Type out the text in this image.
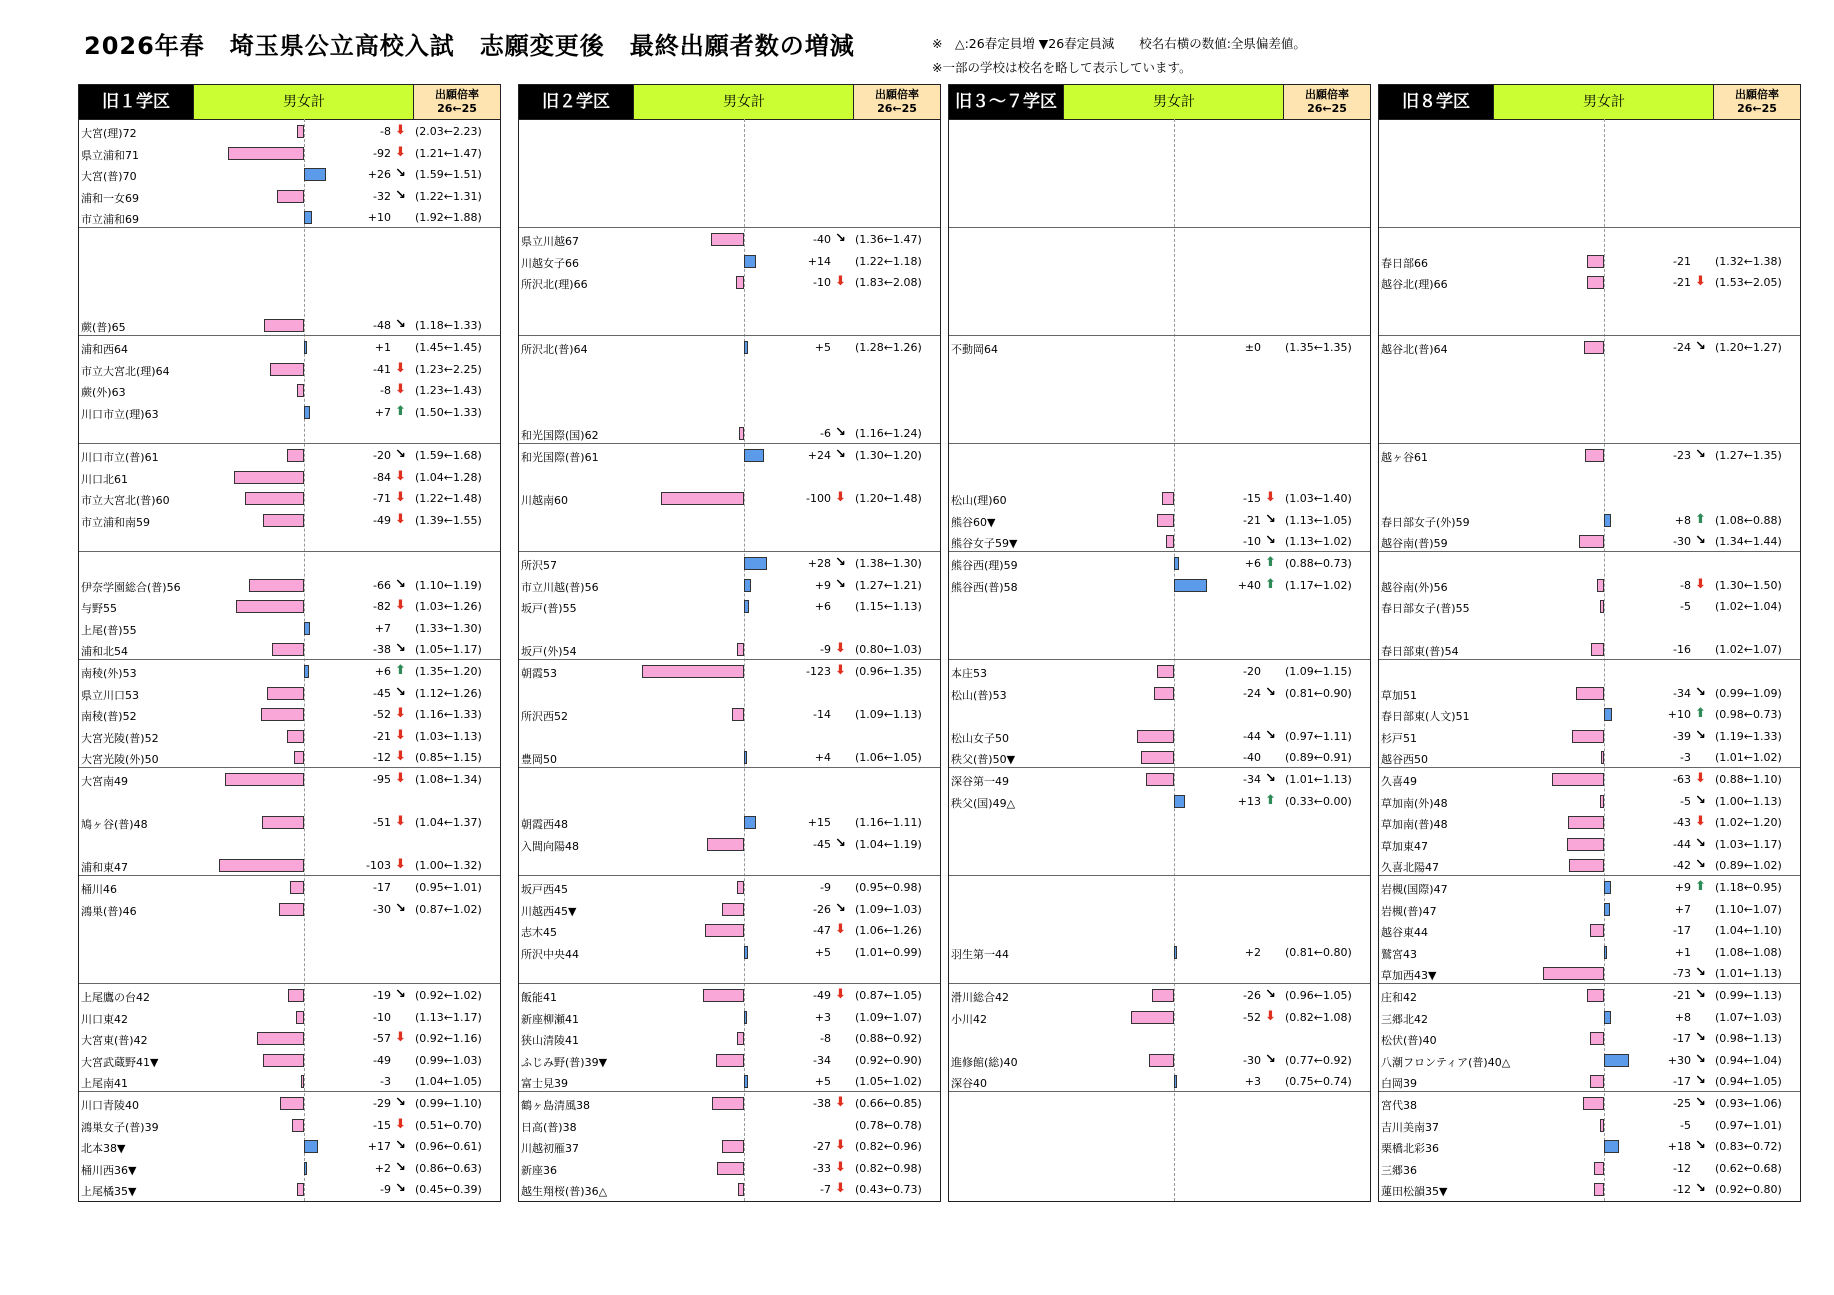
2026年春　埼玉県公立高校入試　志願変更後　最終出願者数の増減	※　△:26春定員増 ▼26春定員減　　校名右横の数値:全県偏差値。
※一部の学校は校名を略して表示しています。
旧１学区	男女計	出願倍率
26←25
大宮(理)72	-8 ⬇ (2.03←2.23)
県立浦和71	-92 ⬇ (1.21←1.47)
大宮(普)70	+26 ↘ (1.59←1.51)
浦和一女69	-32 ↘ (1.22←1.31)
市立浦和69	+10 (1.92←1.88)
蕨(普)65	-48 ↘ (1.18←1.33)
浦和西64	+1 (1.45←1.45)
市立大宮北(理)64	-41 ⬇ (1.23←2.25)
蕨(外)63	-8 ⬇ (1.23←1.43)
川口市立(理)63	+7 ⬆ (1.50←1.33)
川口市立(普)61	-20 ↘ (1.59←1.68)
川口北61	-84 ⬇ (1.04←1.28)
市立大宮北(普)60	-71 ⬇ (1.22←1.48)
市立浦和南59	-49 ⬇ (1.39←1.55)
伊奈学園総合(普)56	-66 ↘ (1.10←1.19)
与野55	-82 ⬇ (1.03←1.26)
上尾(普)55	+7 (1.33←1.30)
浦和北54	-38 ↘ (1.05←1.17)
南稜(外)53	+6 ⬆ (1.35←1.20)
県立川口53	-45 ↘ (1.12←1.26)
南稜(普)52	-52 ⬇ (1.16←1.33)
大宮光陵(普)52	-21 ⬇ (1.03←1.13)
大宮光陵(外)50	-12 ⬇ (0.85←1.15)
大宮南49	-95 ⬇ (1.08←1.34)
鳩ヶ谷(普)48	-51 ⬇ (1.04←1.37)
浦和東47	-103 ⬇ (1.00←1.32)
桶川46	-17 (0.95←1.01)
鴻巣(普)46	-30 ↘ (0.87←1.02)
上尾鷹の台42	-19 ↘ (0.92←1.02)
川口東42	-10 (1.13←1.17)
大宮東(普)42	-57 ⬇ (0.92←1.16)
大宮武蔵野41▼	-49 (0.99←1.03)
上尾南41	-3 (1.04←1.05)
川口青陵40	-29 ↘ (0.99←1.10)
鴻巣女子(普)39	-15 ⬇ (0.51←0.70)
北本38▼	+17 ↘ (0.96←0.61)
桶川西36▼	+2 ↘ (0.86←0.63)
上尾橘35▼	-9 ↘ (0.45←0.39)
旧２学区	男女計	出願倍率
26←25
県立川越67	-40 ↘ (1.36←1.47)
川越女子66	+14 (1.22←1.18)
所沢北(理)66	-10 ⬇ (1.83←2.08)
所沢北(普)64	+5 (1.28←1.26)
和光国際(国)62	-6 ↘ (1.16←1.24)
和光国際(普)61	+24 ↘ (1.30←1.20)
川越南60	-100 ⬇ (1.20←1.48)
所沢57	+28 ↘ (1.38←1.30)
市立川越(普)56	+9 ↘ (1.27←1.21)
坂戸(普)55	+6 (1.15←1.13)
坂戸(外)54	-9 ⬇ (0.80←1.03)
朝霞53	-123 ⬇ (0.96←1.35)
所沢西52	-14 (1.09←1.13)
豊岡50	+4 (1.06←1.05)
朝霞西48	+15 (1.16←1.11)
入間向陽48	-45 ↘ (1.04←1.19)
坂戸西45	-9 (0.95←0.98)
川越西45▼	-26 ↘ (1.09←1.03)
志木45	-47 ⬇ (1.06←1.26)
所沢中央44	+5 (1.01←0.99)
飯能41	-49 ⬇ (0.87←1.05)
新座柳瀬41	+3 (1.09←1.07)
狭山清陵41	-8 (0.88←0.92)
ふじみ野(普)39▼	-34 (0.92←0.90)
富士見39	+5 (1.05←1.02)
鶴ヶ島清風38	-38 ⬇ (0.66←0.85)
日高(普)38	(0.78←0.78)
川越初雁37	-27 ⬇ (0.82←0.96)
新座36	-33 ⬇ (0.82←0.98)
越生翔桜(普)36△	-7 ⬇ (0.43←0.73)
旧３～７学区	男女計	出願倍率
26←25
不動岡64	±0 (1.35←1.35)
松山(理)60	-15 ⬇ (1.03←1.40)
熊谷60▼	-21 ↘ (1.13←1.05)
熊谷女子59▼	-10 ↘ (1.13←1.02)
熊谷西(理)59	+6 ⬆ (0.88←0.73)
熊谷西(普)58	+40 ⬆ (1.17←1.02)
本庄53	-20 (1.09←1.15)
松山(普)53	-24 ↘ (0.81←0.90)
松山女子50	-44 ↘ (0.97←1.11)
秩父(普)50▼	-40 (0.89←0.91)
深谷第一49	-34 ↘ (1.01←1.13)
秩父(国)49△	+13 ⬆ (0.33←0.00)
羽生第一44	+2 (0.81←0.80)
滑川総合42	-26 ↘ (0.96←1.05)
小川42	-52 ⬇ (0.82←1.08)
進修館(総)40	-30 ↘ (0.77←0.92)
深谷40	+3 (0.75←0.74)
旧８学区	男女計	出願倍率
26←25
春日部66	-21 (1.32←1.38)
越谷北(理)66	-21 ⬇ (1.53←2.05)
越谷北(普)64	-24 ↘ (1.20←1.27)
越ヶ谷61	-23 ↘ (1.27←1.35)
春日部女子(外)59	+8 ⬆ (1.08←0.88)
越谷南(普)59	-30 ↘ (1.34←1.44)
越谷南(外)56	-8 ⬇ (1.30←1.50)
春日部女子(普)55	-5 (1.02←1.04)
春日部東(普)54	-16 (1.02←1.07)
草加51	-34 ↘ (0.99←1.09)
春日部東(人文)51	+10 ⬆ (0.98←0.73)
杉戸51	-39 ↘ (1.19←1.33)
越谷西50	-3 (1.01←1.02)
久喜49	-63 ⬇ (0.88←1.10)
草加南(外)48	-5 ↘ (1.00←1.13)
草加南(普)48	-43 ⬇ (1.02←1.20)
草加東47	-44 ↘ (1.03←1.17)
久喜北陽47	-42 ↘ (0.89←1.02)
岩槻(国際)47	+9 ⬆ (1.18←0.95)
岩槻(普)47	+7 (1.10←1.07)
越谷東44	-17 (1.04←1.10)
鷲宮43	+1 (1.08←1.08)
草加西43▼	-73 ↘ (1.01←1.13)
庄和42	-21 ↘ (0.99←1.13)
三郷北42	+8 (1.07←1.03)
松伏(普)40	-17 ↘ (0.98←1.13)
八潮フロンティア(普)40△	+30 ↘ (0.94←1.04)
白岡39	-17 ↘ (0.94←1.05)
宮代38	-25 ↘ (0.93←1.06)
吉川美南37	-5 (0.97←1.01)
栗橋北彩36	+18 ↘ (0.83←0.72)
三郷36	-12 (0.62←0.68)
蓮田松韻35▼	-12 ↘ (0.92←0.80)
